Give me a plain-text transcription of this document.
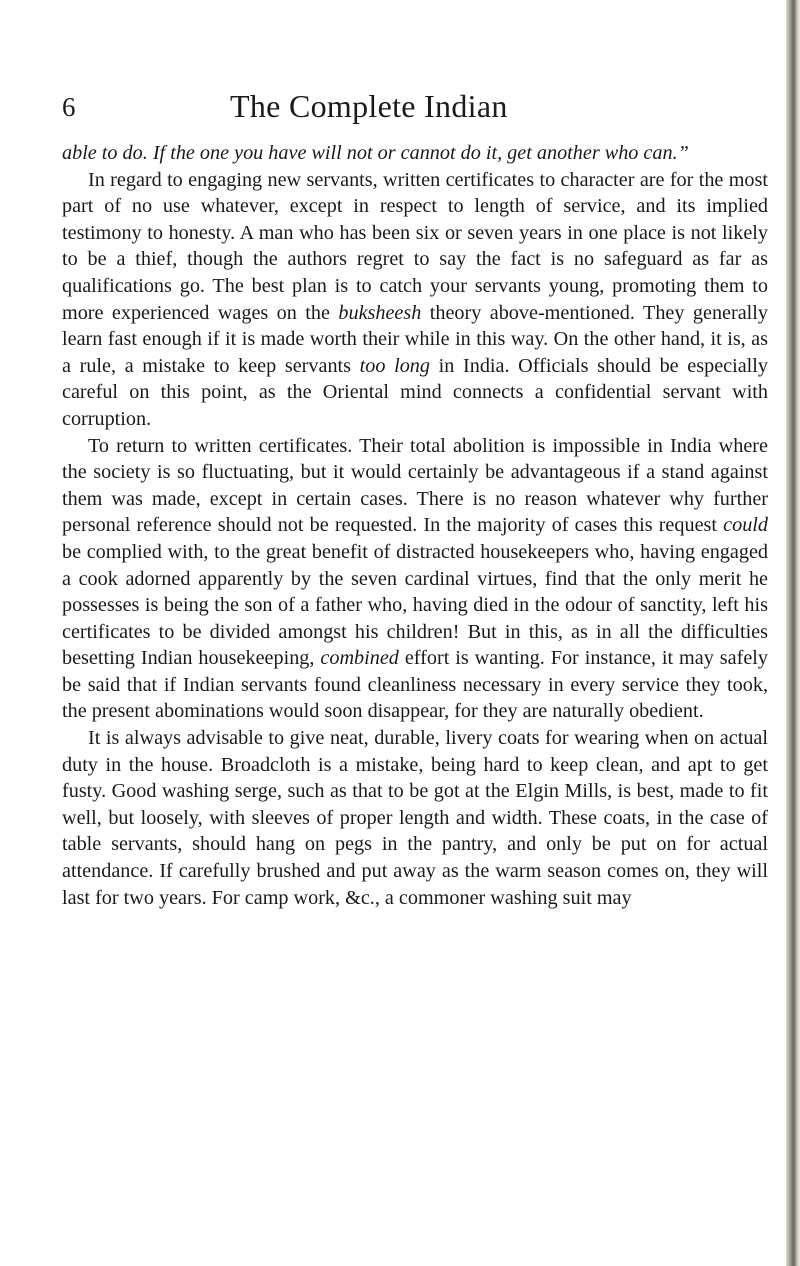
6	The Complete Indian

able to do. If the one you have will not or cannot do it, get another who can.”

In regard to engaging new servants, written certificates to character are for the most part of no use whatever, except in respect to length of service, and its implied testimony to honesty. A man who has been six or seven years in one place is not likely to be a thief, though the authors regret to say the fact is no safeguard as far as qualifications go. The best plan is to catch your servants young, promoting them to more experienced wages on the buksheesh theory above-mentioned. They generally learn fast enough if it is made worth their while in this way. On the other hand, it is, as a rule, a mistake to keep servants too long in India. Officials should be especially careful on this point, as the Oriental mind connects a confidential servant with corruption.

To return to written certificates. Their total abolition is impossible in India where the society is so fluctuating, but it would certainly be advantageous if a stand against them was made, except in certain cases. There is no reason whatever why further personal reference should not be requested. In the majority of cases this request could be complied with, to the great benefit of distracted housekeepers who, having engaged a cook adorned apparently by the seven cardinal virtues, find that the only merit he possesses is being the son of a father who, having died in the odour of sanctity, left his certificates to be divided amongst his children! But in this, as in all the difficulties besetting Indian housekeeping, combined effort is wanting. For instance, it may safely be said that if Indian servants found cleanliness necessary in every service they took, the present abominations would soon disappear, for they are naturally obedient.

It is always advisable to give neat, durable, livery coats for wearing when on actual duty in the house. Broadcloth is a mistake, being hard to keep clean, and apt to get fusty. Good washing serge, such as that to be got at the Elgin Mills, is best, made to fit well, but loosely, with sleeves of proper length and width. These coats, in the case of table servants, should hang on pegs in the pantry, and only be put on for actual attendance. If carefully brushed and put away as the warm season comes on, they will last for two years. For camp work, &c., a commoner washing suit may
